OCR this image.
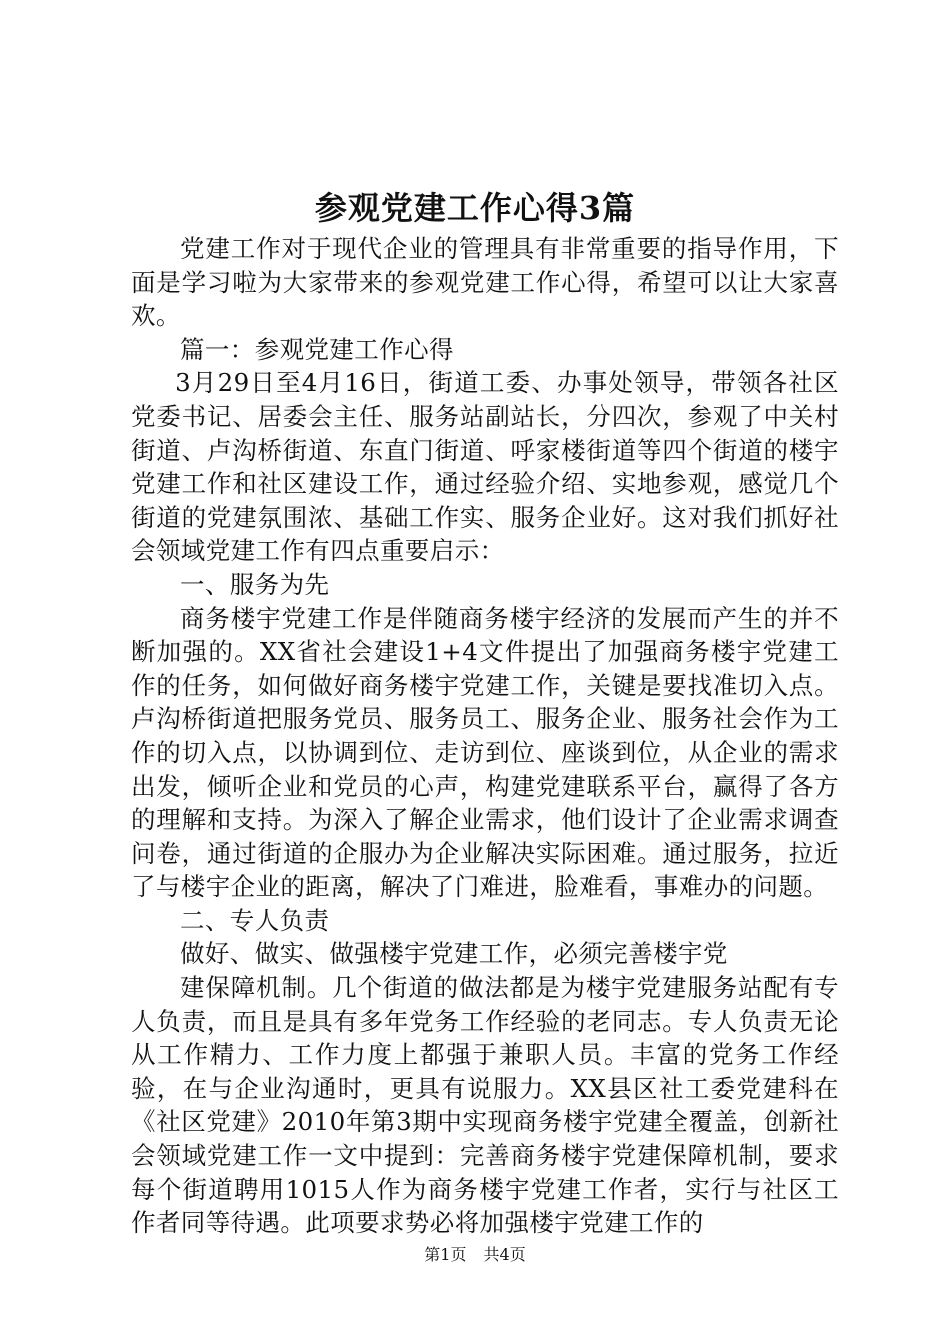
参观党建工作心得3篇

党建工作对于现代企业的管理具有非常重要的指导作用，下面是学习啦为大家带来的参观党建工作心得，希望可以让大家喜欢。

篇一：参观党建工作心得

3月29日至4月16日，街道工委、办事处领导，带领各社区党委书记、居委会主任、服务站副站长，分四次，参观了中关村街道、卢沟桥街道、东直门街道、呼家楼街道等四个街道的楼宇党建工作和社区建设工作，通过经验介绍、实地参观，感觉几个街道的党建氛围浓、基础工作实、服务企业好。这对我们抓好社会领域党建工作有四点重要启示：

一、服务为先

商务楼宇党建工作是伴随商务楼宇经济的发展而产生的并不断加强的。XX省社会建设1+4文件提出了加强商务楼宇党建工作的任务，如何做好商务楼宇党建工作，关键是要找准切入点。卢沟桥街道把服务党员、服务员工、服务企业、服务社会作为工作的切入点，以协调到位、走访到位、座谈到位，从企业的需求出发，倾听企业和党员的心声，构建党建联系平台，赢得了各方的理解和支持。为深入了解企业需求，他们设计了企业需求调查问卷，通过街道的企服办为企业解决实际困难。通过服务，拉近了与楼宇企业的距离，解决了门难进，脸难看，事难办的问题。

二、专人负责

做好、做实、做强楼宇党建工作，必须完善楼宇党

建保障机制。几个街道的做法都是为楼宇党建服务站配有专人负责，而且是具有多年党务工作经验的老同志。专人负责无论从工作精力、工作力度上都强于兼职人员。丰富的党务工作经验，在与企业沟通时，更具有说服力。XX县区社工委党建科在《社区党建》2010年第3期中实现商务楼宇党建全覆盖，创新社会领域党建工作一文中提到：完善商务楼宇党建保障机制，要求每个街道聘用1015人作为商务楼宇党建工作者，实行与社区工作者同等待遇。此项要求势必将加强楼宇党建工作的

第1页 共4页
